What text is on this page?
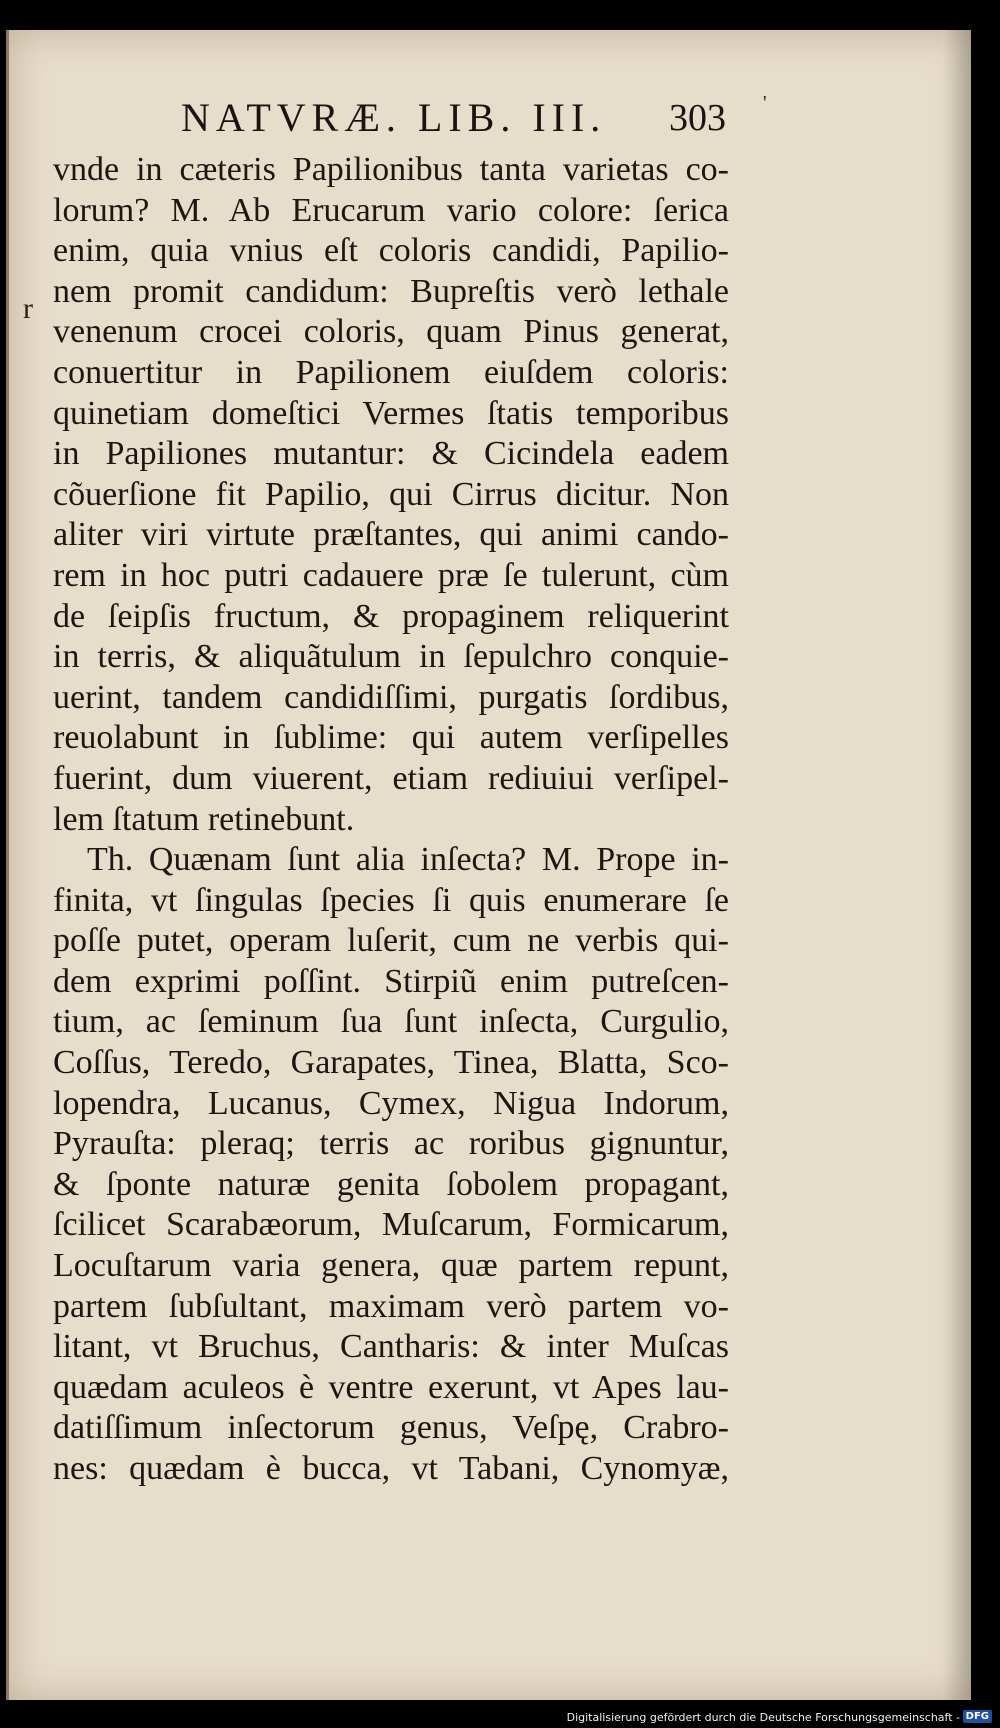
NATVRÆ. LIB. III.	303
r
'
vnde in cæteris Papilionibus tanta varietas co-
lorum? M. Ab Erucarum vario colore: ſerica
enim, quia vnius eſt coloris candidi, Papilio-
nem promit candidum: Bupreſtis verò lethale
venenum crocei coloris, quam Pinus generat,
conuertitur in Papilionem eiuſdem coloris:
quinetiam domeſtici Vermes ſtatis temporibus
in Papiliones mutantur: & Cicindela eadem
cõuerſione fit Papilio, qui Cirrus dicitur. Non
aliter viri virtute præſtantes, qui animi cando-
rem in hoc putri cadauere præ ſe tulerunt, cùm
de ſeipſis fructum, & propaginem reliquerint
in terris, & aliquãtulum in ſepulchro conquie-
uerint, tandem candidiſſimi, purgatis ſordibus,
reuolabunt in ſublime: qui autem verſipelles
fuerint, dum viuerent, etiam rediuiui verſipel-
lem ſtatum retinebunt.
Th. Quænam ſunt alia inſecta? M. Prope in-
finita, vt ſingulas ſpecies ſi quis enumerare ſe
poſſe putet, operam luſerit, cum ne verbis qui-
dem exprimi poſſint. Stirpiũ enim putreſcen-
tium, ac ſeminum ſua ſunt inſecta, Curgulio,
Coſſus, Teredo, Garapates, Tinea, Blatta, Sco-
lopendra, Lucanus, Cymex, Nigua Indorum,
Pyrauſta: pleraq; terris ac roribus gignuntur,
& ſponte naturæ genita ſobolem propagant,
ſcilicet Scarabæorum, Muſcarum, Formicarum,
Locuſtarum varia genera, quæ partem repunt,
partem ſubſultant, maximam verò partem vo-
litant, vt Bruchus, Cantharis: & inter Muſcas
quædam aculeos è ventre exerunt, vt Apes lau-
datiſſimum inſectorum genus, Veſpę, Crabro-
nes: quædam è bucca, vt Tabani, Cynomyæ,
Digitalisierung gefördert durch die Deutsche Forschungsgemeinschaft - DFG
